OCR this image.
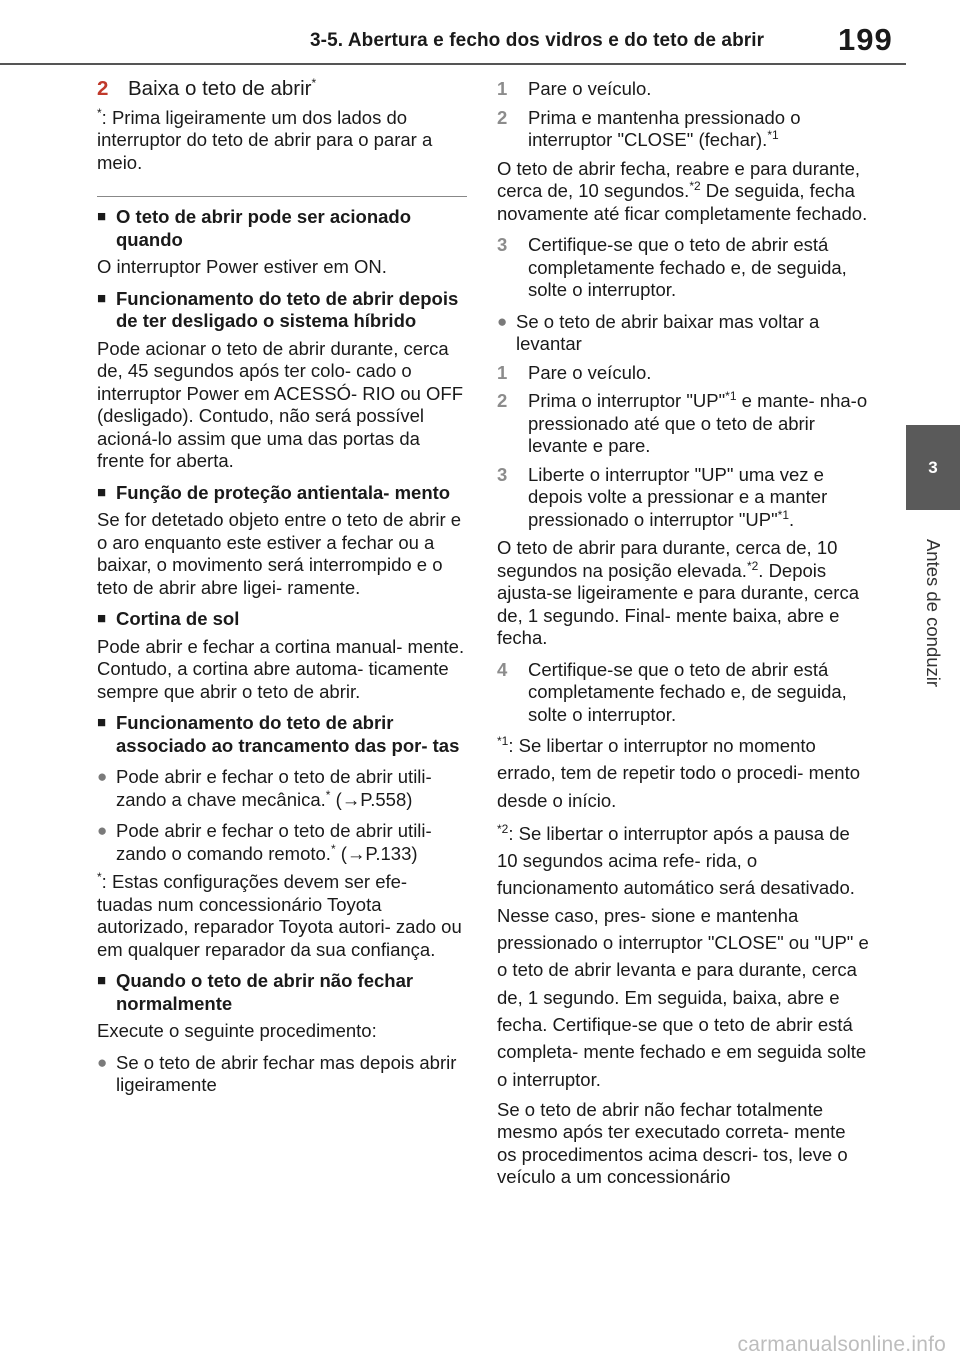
3-5. Abertura e fecho dos vidros e do teto de abrir 199
3
Antes de conduzir
2 Baixa o teto de abrir*
*: Prima ligeiramente um dos lados do interruptor do teto de abrir para o parar a meio.
■ O teto de abrir pode ser acionado quando
O interruptor Power estiver em ON.
■ Funcionamento do teto de abrir depois de ter desligado o sistema híbrido
Pode acionar o teto de abrir durante, cerca de, 45 segundos após ter colo- cado o interruptor Power em ACESSÓ- RIO ou OFF (desligado). Contudo, não será possível acioná-lo assim que uma das portas da frente for aberta.
■ Função de proteção antientala- mento
Se for detetado objeto entre o teto de abrir e o aro enquanto este estiver a fechar ou a baixar, o movimento será interrompido e o teto de abrir abre ligei- ramente.
■ Cortina de sol
Pode abrir e fechar a cortina manual- mente. Contudo, a cortina abre automa- ticamente sempre que abrir o teto de abrir.
■ Funcionamento do teto de abrir associado ao trancamento das por- tas
● Pode abrir e fechar o teto de abrir utili- zando a chave mecânica.* (→P.558)
● Pode abrir e fechar o teto de abrir utili- zando o comando remoto.* (→P.133)
*: Estas configurações devem ser efe- tuadas num concessionário Toyota autorizado, reparador Toyota autori- zado ou em qualquer reparador da sua confiança.
■ Quando o teto de abrir não fechar normalmente
Execute o seguinte procedimento:
● Se o teto de abrir fechar mas depois abrir ligeiramente
1	Pare o veículo.
2	Prima e mantenha pressionado o interruptor "CLOSE" (fechar).$^{*1}$
O teto de abrir fecha, reabre e para durante, cerca de, 10 segundos.$^{*2}$ De seguida, fecha novamente até ficar completamente fechado.
3	Certifique-se que o teto de abrir está completamente fechado e, de seguida, solte o interruptor.
● Se o teto de abrir baixar mas voltar a levantar
1	Pare o veículo.
2	Prima o interruptor "UP"$^{*1}$ e mante- nha-o pressionado até que o teto de abrir levante e pare.
3	Liberte o interruptor "UP" uma vez e depois volte a pressionar e a manter pressionado o interruptor "UP"$^{*1}$.
O teto de abrir para durante, cerca de, 10 segundos na posição elevada.$^{*2}$. Depois ajusta-se ligeiramente e para durante, cerca de, 1 segundo. Final- mente baixa, abre e fecha.
4	Certifique-se que o teto de abrir está completamente fechado e, de seguida, solte o interruptor.
$^{*1}$: Se libertar o interruptor no momento errado, tem de repetir todo o procedi- mento desde o início.
$^{*2}$: Se libertar o interruptor após a pausa de 10 segundos acima refe- rida, o funcionamento automático será desativado. Nesse caso, pres- sione e mantenha pressionado o interruptor "CLOSE" ou "UP" e o teto de abrir levanta e para durante, cerca de, 1 segundo. Em seguida, baixa, abre e fecha. Certifique-se que o teto de abrir está completa- mente fechado e em seguida solte o interruptor.
Se o teto de abrir não fechar totalmente mesmo após ter executado correta- mente os procedimentos acima descri- tos, leve o veículo a um concessionário
carmanualsonline.info
